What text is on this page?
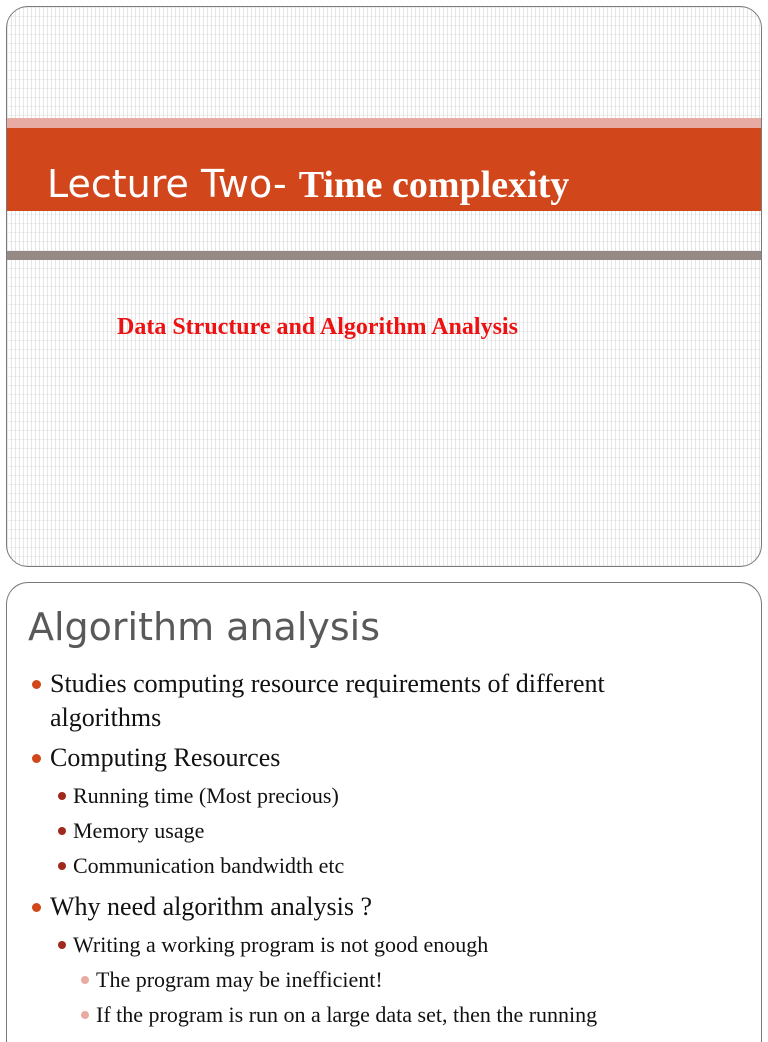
Lecture Two- Time complexity
Data Structure and Algorithm Analysis
Algorithm analysis
Studies computing resource requirements of different
algorithms
Computing Resources
Running time (Most precious)
Memory usage
Communication bandwidth etc
Why need algorithm analysis ?
Writing a working program is not good enough
The program may be inefficient!
If the program is run on a large data set, then the running
